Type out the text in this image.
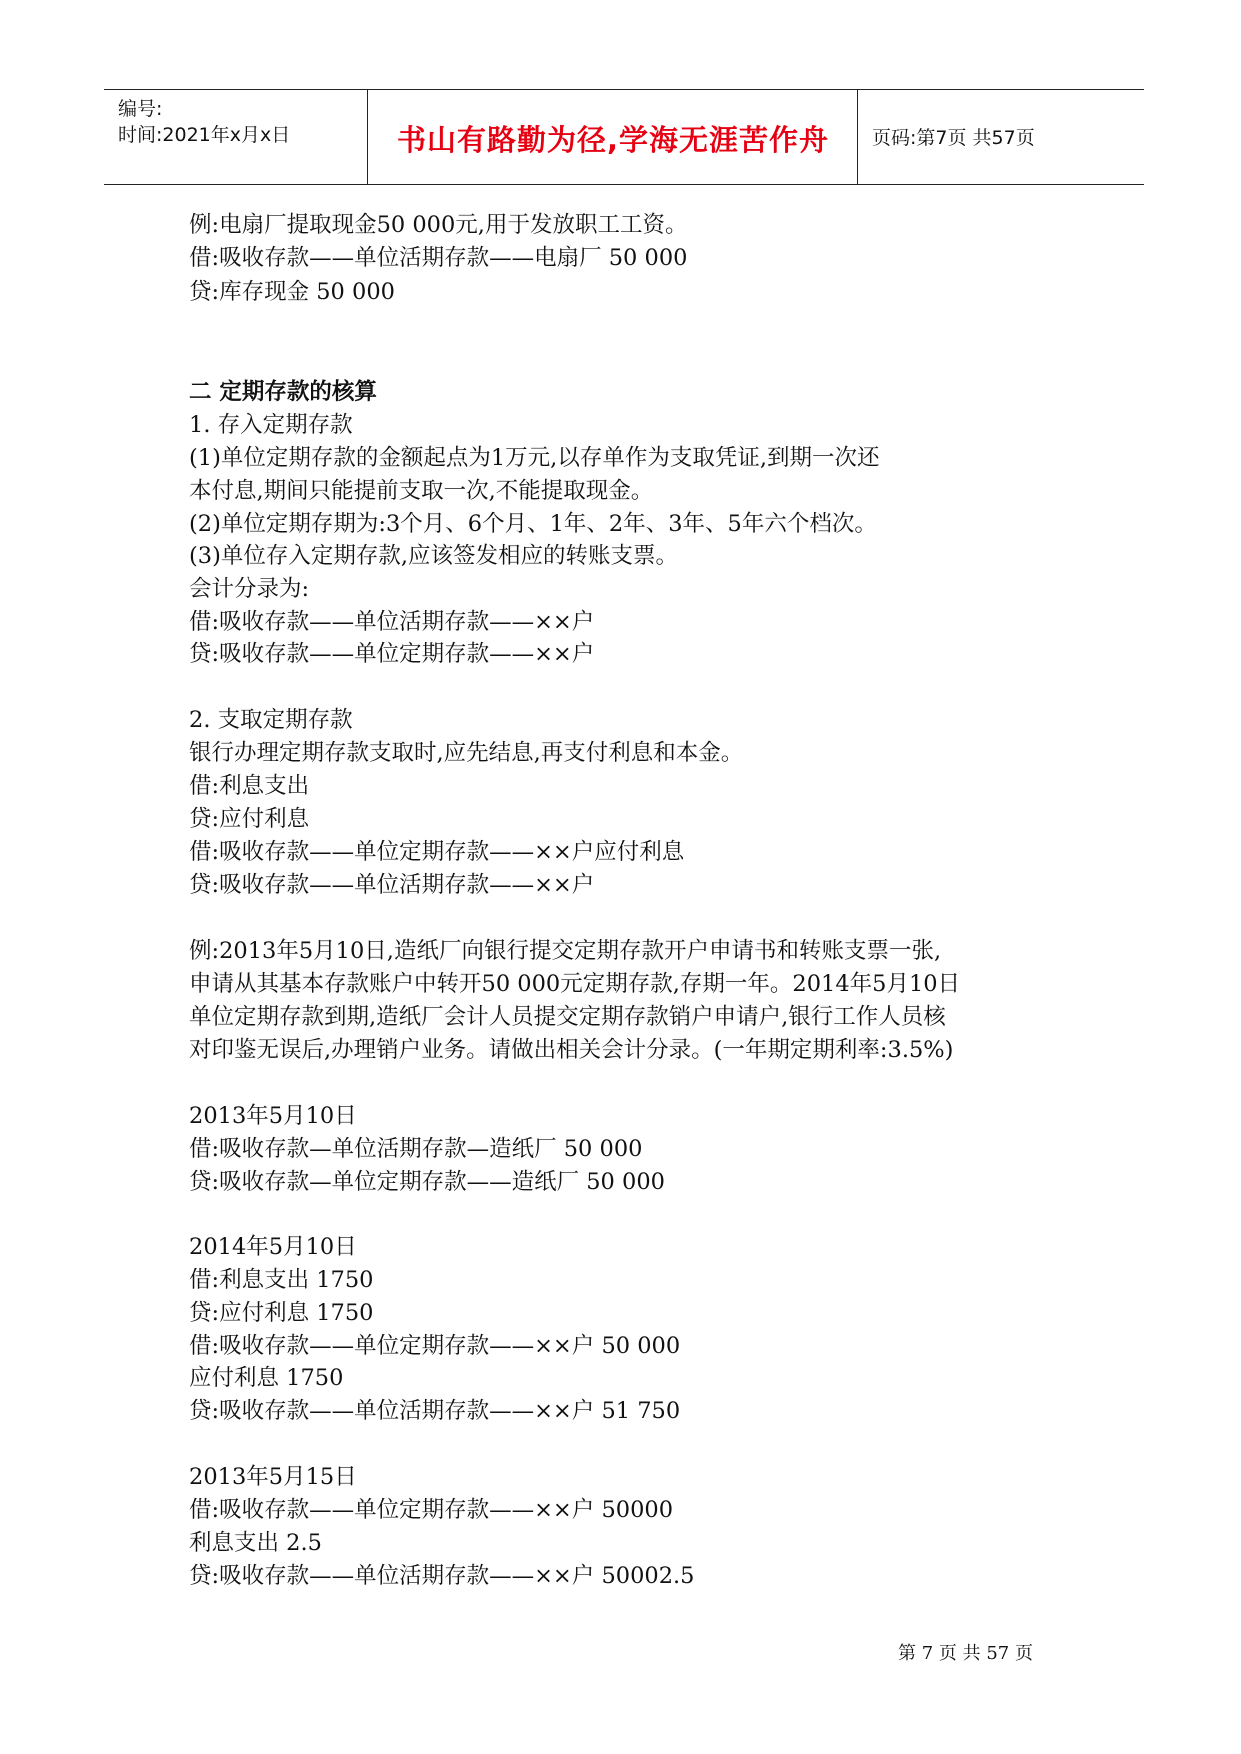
编号:
时间:2021年x月x日	书山有路勤为径,学海无涯苦作舟	页码:第7页 共57页
例:电扇厂提取现金50 000元,用于发放职工工资。
借:吸收存款——单位活期存款——电扇厂 50 000
贷:库存现金 50 000
二 定期存款的核算
1. 存入定期存款
(1)单位定期存款的金额起点为1万元,以存单作为支取凭证,到期一次还
本付息,期间只能提前支取一次,不能提取现金。
(2)单位定期存期为:3个月、6个月、1年、2年、3年、5年六个档次。
(3)单位存入定期存款,应该签发相应的转账支票。
会计分录为:
借:吸收存款——单位活期存款——××户
贷:吸收存款——单位定期存款——××户
2. 支取定期存款
银行办理定期存款支取时,应先结息,再支付利息和本金。
借:利息支出
贷:应付利息
借:吸收存款——单位定期存款——××户应付利息
贷:吸收存款——单位活期存款——××户
例:2013年5月10日,造纸厂向银行提交定期存款开户申请书和转账支票一张,
申请从其基本存款账户中转开50 000元定期存款,存期一年。2014年5月10日
单位定期存款到期,造纸厂会计人员提交定期存款销户申请户,银行工作人员核
对印鉴无误后,办理销户业务。请做出相关会计分录。(一年期定期利率:3.5%)
2013年5月10日
借:吸收存款—单位活期存款—造纸厂 50 000
贷:吸收存款—单位定期存款——造纸厂 50 000
2014年5月10日
借:利息支出 1750
贷:应付利息 1750
借:吸收存款——单位定期存款——××户 50 000
应付利息 1750
贷:吸收存款——单位活期存款——××户 51 750
2013年5月15日
借:吸收存款——单位定期存款——××户 50000
利息支出 2.5
贷:吸收存款——单位活期存款——××户 50002.5
第 7 页 共 57 页
